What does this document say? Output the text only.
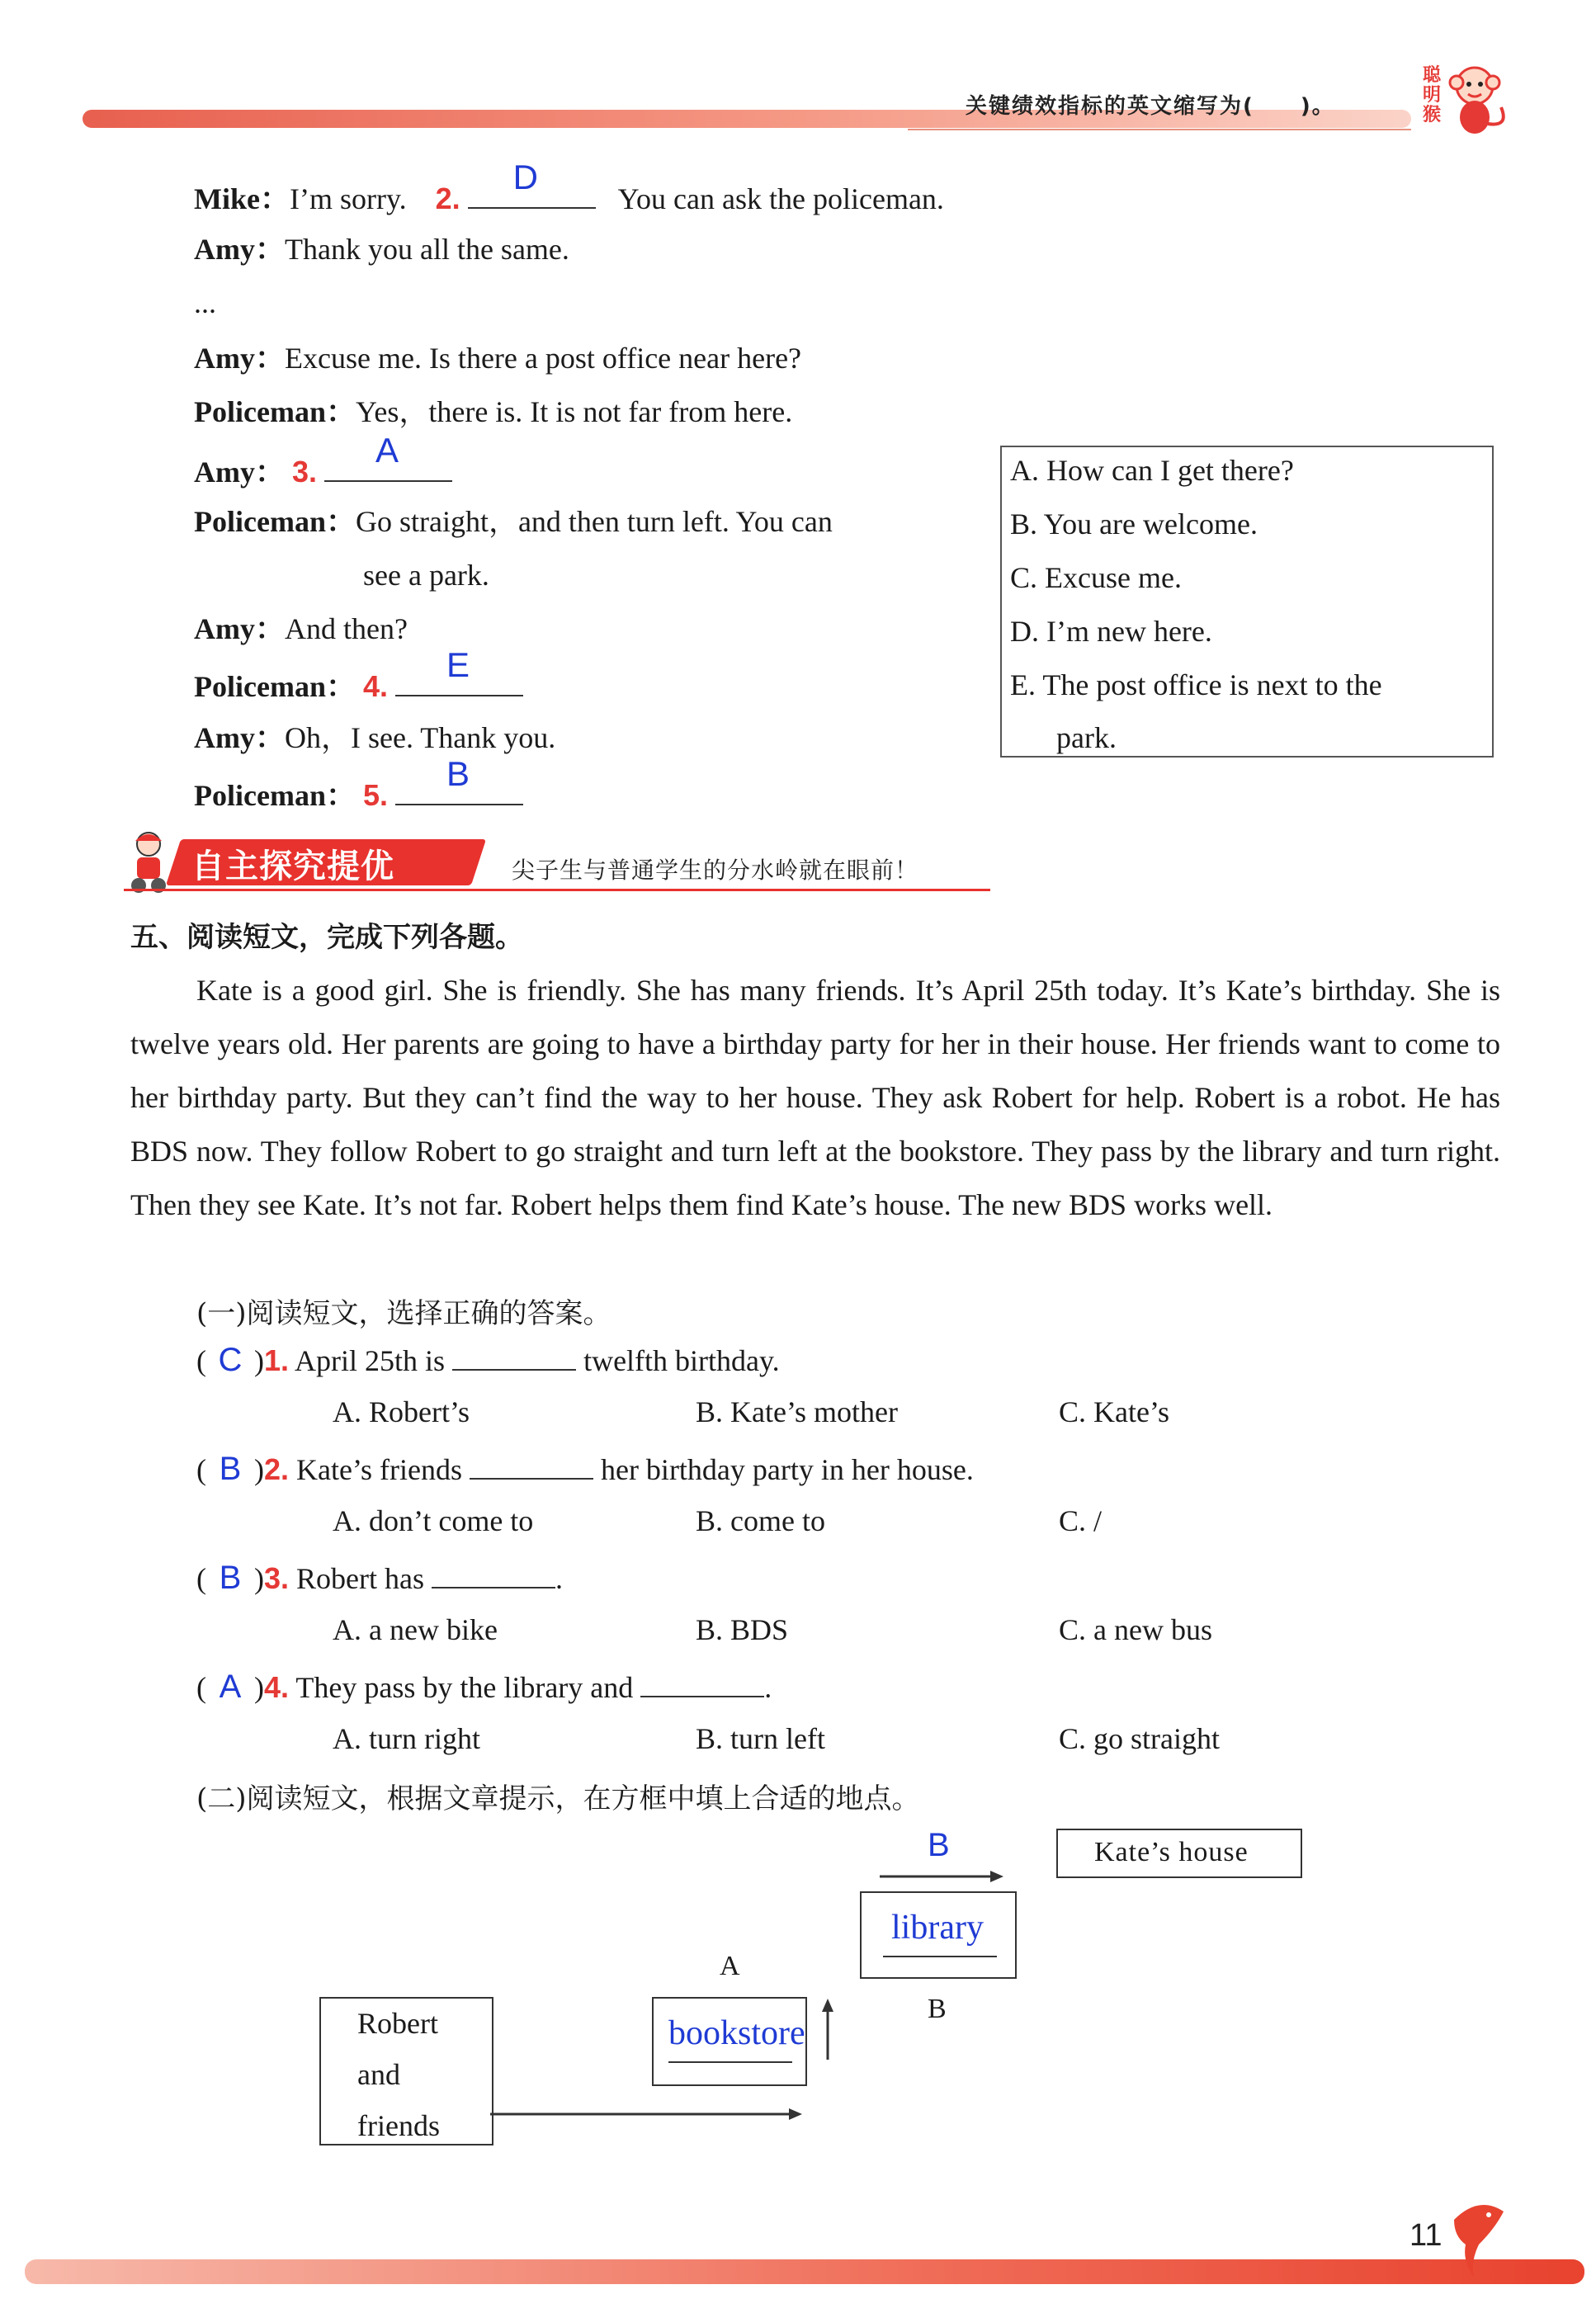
关键绩效指标的英文缩写为(　　)。
聪明猴
Mike：I’m sorry. 2.
D
You can ask the policeman.
Amy：Thank you all the same.
...
Amy：Excuse me. Is there a post office near here?
Policeman：Yes，there is. It is not far from here.
Amy： 3.
A
Policeman：Go straight，and then turn left. You can
see a park.
Amy：And then?
Policeman： 4.
E
Amy：Oh，I see. Thank you.
Policeman： 5.
B
A. How can I get there?
B. You are welcome.
C. Excuse me.
D. I’m new here.
E. The post office is next to the
park.
自主探究提优	尖子生与普通学生的分水岭就在眼前！
五、阅读短文，完成下列各题。
Kate is a good girl. She is friendly. She has many friends. It’s April 25th today. It’s Kate’s birthday. She is twelve years old. Her parents are going to have a birthday party for her in their house. Her friends want to come to her birthday party. But they can’t find the way to her house. They ask Robert for help. Robert is a robot. He has BDS now. They follow Robert to go straight and turn left at the bookstore. They pass by the library and turn right. Then they see Kate. It’s not far. Robert helps them find Kate’s house. The new BDS works well.
(一)阅读短文，选择正确的答案。
( C )1. April 25th is	twelfth birthday.
A. Robert’s	B. Kate’s mother	C. Kate’s
( B )2. Kate’s friends	her birthday party in her house.
A. don’t come to	B. come to	C. /
( B )3. Robert has	.
A. a new bike	B. BDS	C. a new bus
( A )4. They pass by the library and	.
A. turn right	B. turn left	C. go straight
(二)阅读短文，根据文章提示，在方框中填上合适的地点。
Robert
and
friends
bookstore
A
library
B
B	Kate’s house
11
